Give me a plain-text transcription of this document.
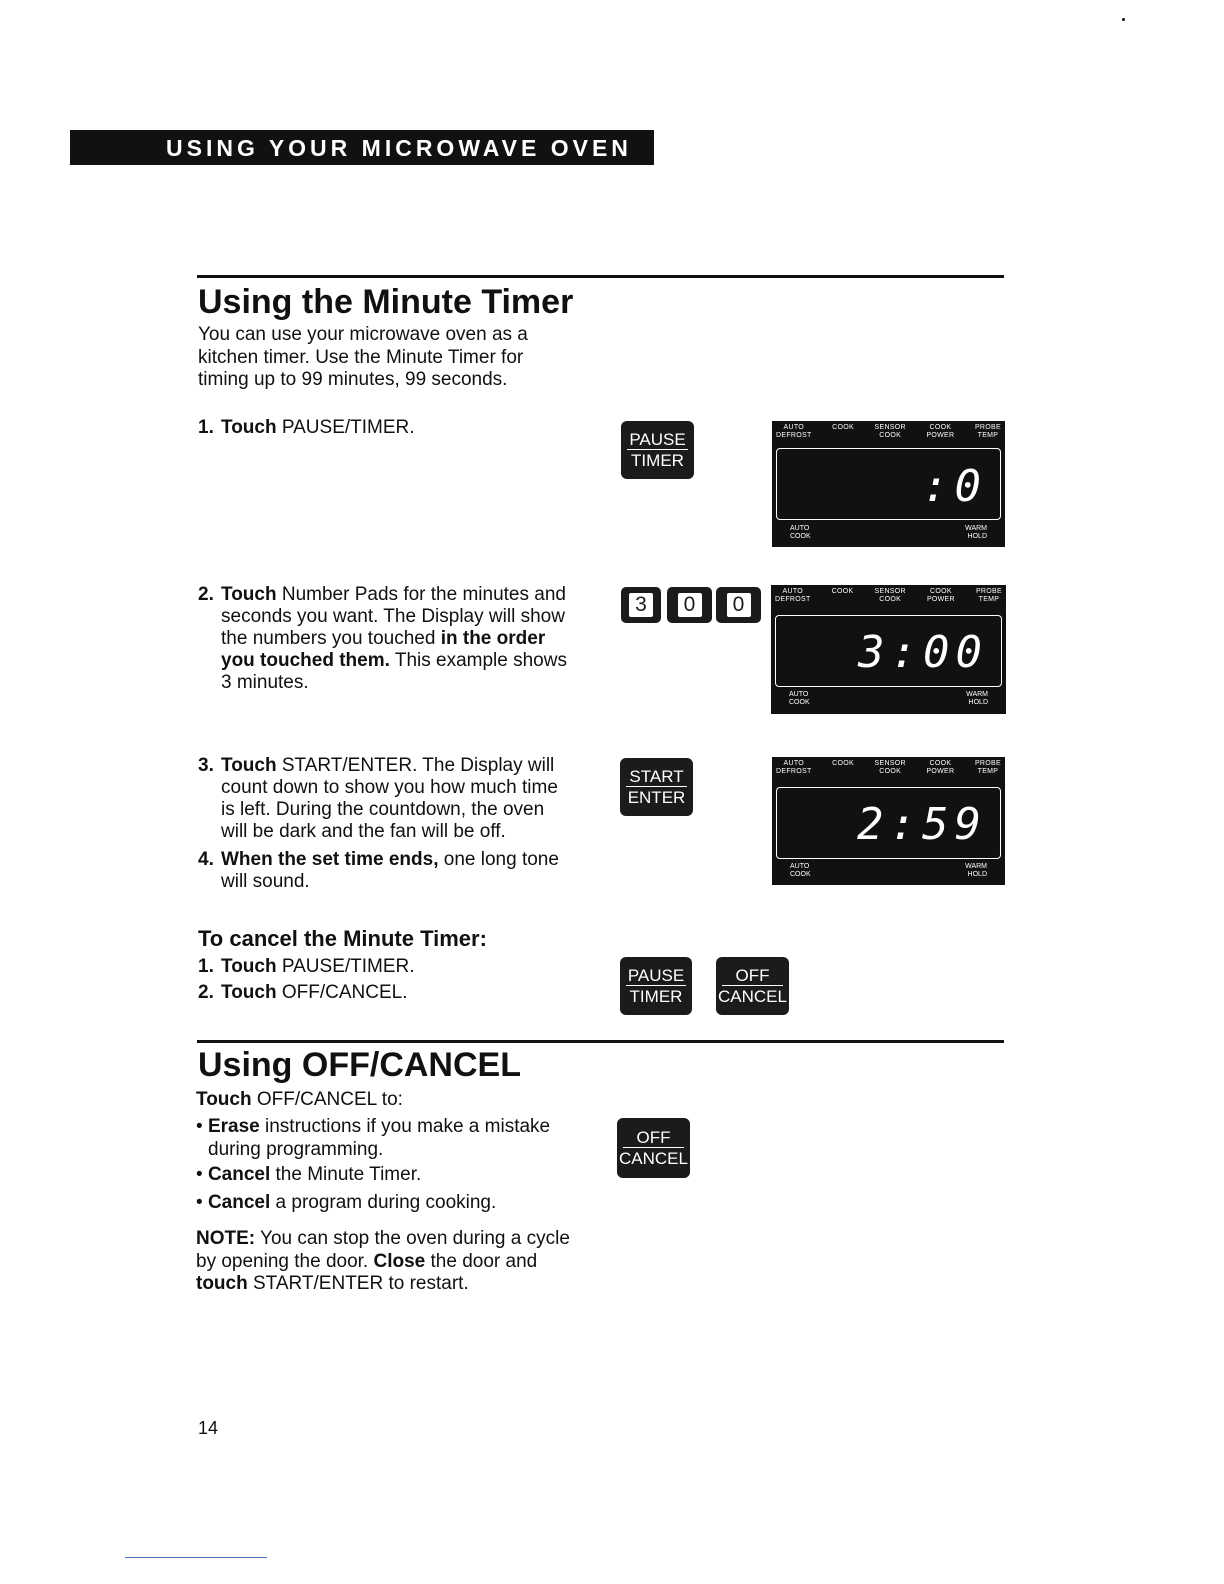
USING YOUR MICROWAVE OVEN
Using the Minute Timer
You can use your microwave oven as a
kitchen timer. Use the Minute Timer for
timing up to 99 minutes, 99 seconds.
1. Touch PAUSE/TIMER.
2. Touch Number Pads for the minutes and
seconds you want. The Display will show
the numbers you touched in the order
you touched them. This example shows
3 minutes.
3. Touch START/ENTER. The Display will
count down to show you how much time
is left. During the countdown, the oven
will be dark and the fan will be off.
4. When the set time ends, one long tone
will sound.
To cancel the Minute Timer:
1. Touch PAUSE/TIMER.
2. Touch OFF/CANCEL.
Using OFF/CANCEL
Touch OFF/CANCEL to:
• Erase instructions if you make a mistake
during programming.
• Cancel the Minute Timer.
• Cancel a program during cooking.
NOTE: You can stop the oven during a cycle
by opening the door. Close the door and
touch START/ENTER to restart.
PAUSE
TIMER
3 0 0
START
ENTER
PAUSE
TIMER
OFF
CANCEL
OFF
CANCEL
AUTO
DEFROST
COOK	SENSOR
COOK
COOK
POWER
PROBE
TEMP
:0
AUTO
COOK
WARM
HOLD
AUTO
DEFROST
COOK	SENSOR
COOK
COOK
POWER
PROBE
TEMP
3:00
AUTO
COOK
WARM
HOLD
AUTO
DEFROST
COOK	SENSOR
COOK
COOK
POWER
PROBE
TEMP
2:59
AUTO
COOK
WARM
HOLD
14
